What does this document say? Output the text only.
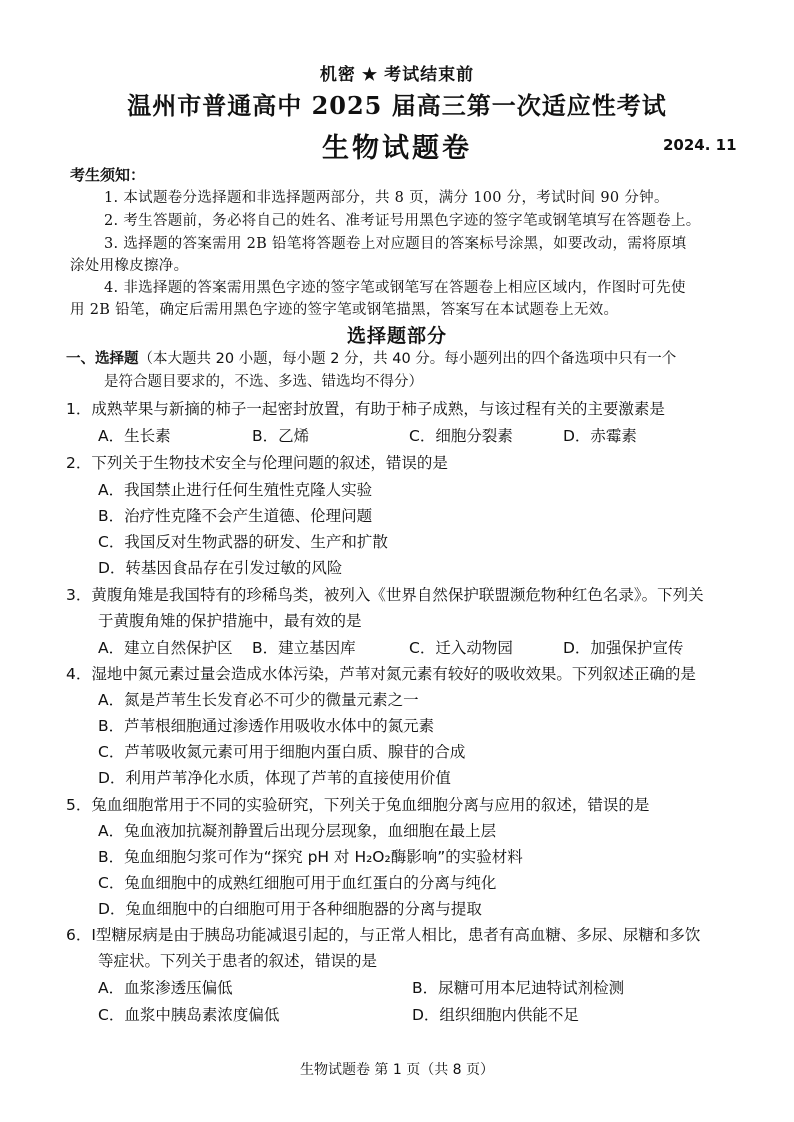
机密 ★ 考试结束前
温州市普通高中 2025 届高三第一次适应性考试
生物试题卷	2024. 11
考生须知：
1. 本试题卷分选择题和非选择题两部分，共 8 页，满分 100 分，考试时间 90 分钟。
2. 考生答题前，务必将自己的姓名、准考证号用黑色字迹的签字笔或钢笔填写在答题卷上。
3. 选择题的答案需用 2B 铅笔将答题卷上对应题目的答案标号涂黑，如要改动，需将原填
涂处用橡皮擦净。
4. 非选择题的答案需用黑色字迹的签字笔或钢笔写在答题卷上相应区域内，作图时可先使
用 2B 铅笔，确定后需用黑色字迹的签字笔或钢笔描黑，答案写在本试题卷上无效。
选择题部分
一、选择题（本大题共 20 小题，每小题 2 分，共 40 分。每小题列出的四个备选项中只有一个
是符合题目要求的，不选、多选、错选均不得分）
1．成熟苹果与新摘的柿子一起密封放置，有助于柿子成熟，与该过程有关的主要激素是
A．生长素	B．乙烯	C．细胞分裂素	D．赤霉素
2．下列关于生物技术安全与伦理问题的叙述，错误的是
A．我国禁止进行任何生殖性克隆人实验
B．治疗性克隆不会产生道德、伦理问题
C．我国反对生物武器的研发、生产和扩散
D．转基因食品存在引发过敏的风险
3．黄腹角雉是我国特有的珍稀鸟类，被列入《世界自然保护联盟濒危物种红色名录》。下列关
于黄腹角雉的保护措施中，最有效的是
A．建立自然保护区 B．建立基因库	C．迁入动物园	D．加强保护宣传
4．湿地中氮元素过量会造成水体污染，芦苇对氮元素有较好的吸收效果。下列叙述正确的是
A．氮是芦苇生长发育必不可少的微量元素之一
B．芦苇根细胞通过渗透作用吸收水体中的氮元素
C．芦苇吸收氮元素可用于细胞内蛋白质、腺苷的合成
D．利用芦苇净化水质，体现了芦苇的直接使用价值
5．兔血细胞常用于不同的实验研究，下列关于兔血细胞分离与应用的叙述，错误的是
A．兔血液加抗凝剂静置后出现分层现象，血细胞在最上层
B．兔血细胞匀浆可作为“探究 pH 对 H₂O₂酶影响”的实验材料
C．兔血细胞中的成熟红细胞可用于血红蛋白的分离与纯化
D．兔血细胞中的白细胞可用于各种细胞器的分离与提取
6．I型糖尿病是由于胰岛功能减退引起的，与正常人相比，患者有高血糖、多尿、尿糖和多饮
等症状。下列关于患者的叙述，错误的是
A．血浆渗透压偏低	B．尿糖可用本尼迪特试剂检测
C．血浆中胰岛素浓度偏低	D．组织细胞内供能不足
生物试题卷 第 1 页（共 8 页）
